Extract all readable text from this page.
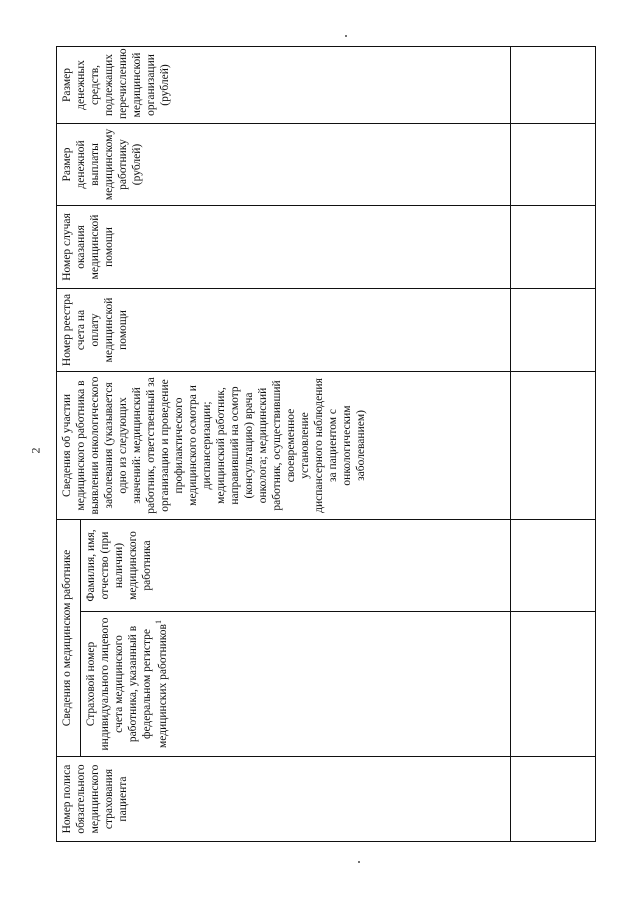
2
Номер полиса обязательного медицинского страхования пациента	Сведения о медицинском работнике		Сведения об участии медицинского работника в выявлении онкологического заболевания (указывается одно из следующих значений: медицинский работник, ответственный за организацию и проведение профилактического медицинского осмотра и диспансеризации; медицинский работник, направивший на осмотр (консультацию) врача онколога; медицинский работник, осуществивший своевременное установление диспансерного наблюдения за пациентом с онкологическим заболеванием)	Номер реестра счета на оплату медицинской помощи	Номер случая оказания медицинской помощи	Размер денежной выплаты медицинскому работнику (рублей)	Размер денежных средств, подлежащих перечислению медицинской организации (рублей)
	Страховой номер индивидуального лицевого счета медицинского работника, указанный в федеральном регистре медицинских работников$^1$	Фамилия, имя, отчество (при наличии) медицинского работника					
